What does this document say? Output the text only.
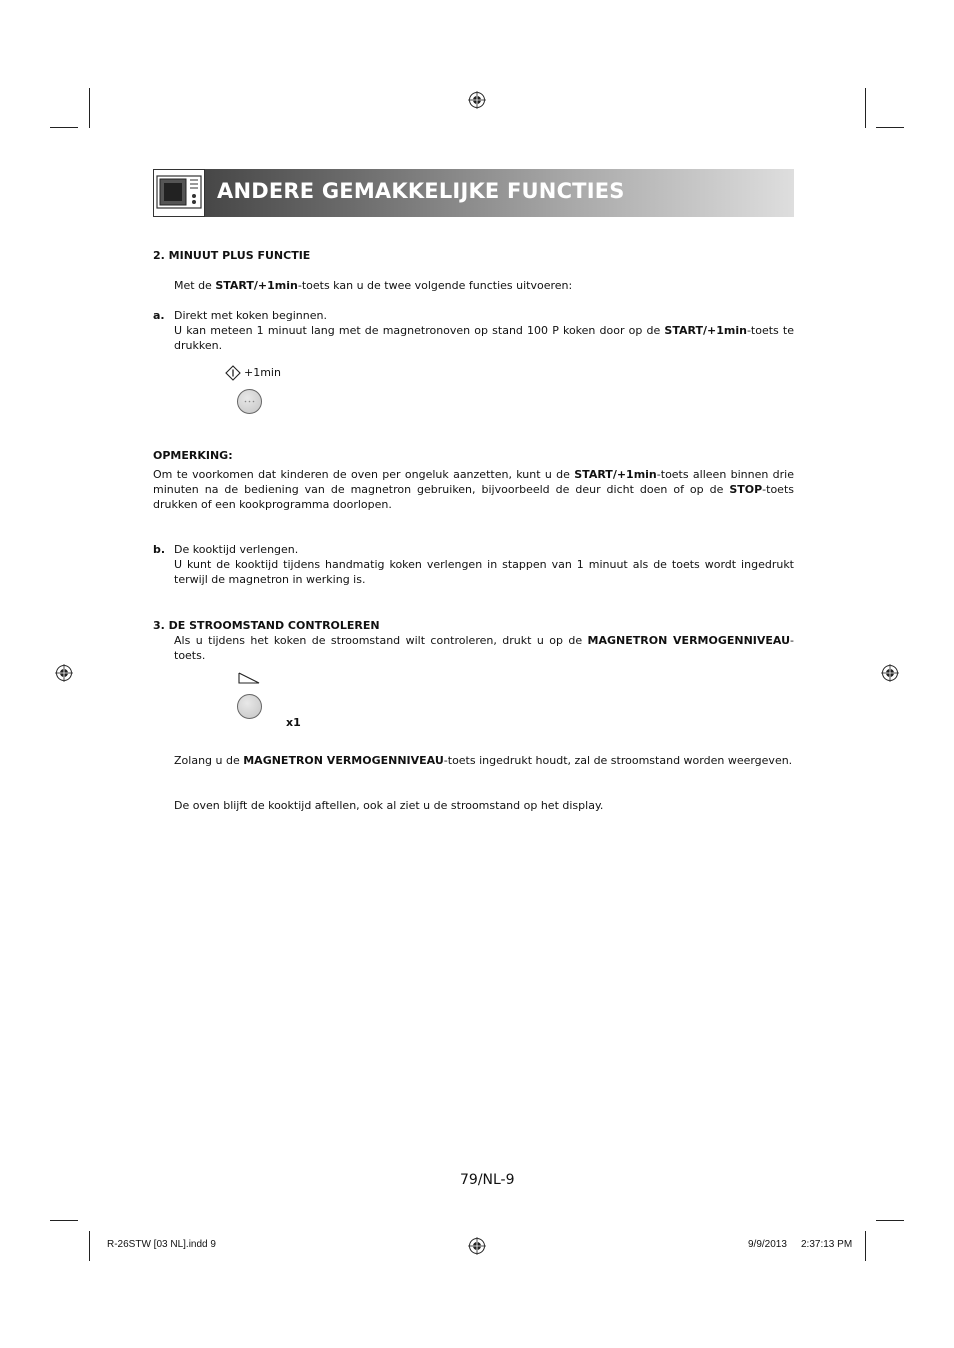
ANDERE GEMAKKELIJKE FUNCTIES
2. MINUUT PLUS FUNCTIE
Met de START/+1min-toets kan u de twee volgende functies uitvoeren:
a. Direkt met koken beginnen.
U kan meteen 1 minuut lang met de magnetronoven op stand 100 P koken door op de START/+1min-toets te drukken.
+1min
OPMERKING:
Om te voorkomen dat kinderen de oven per ongeluk aanzetten, kunt u de START/+1min-toets alleen binnen drie minuten na de bediening van de magnetron gebruiken, bijvoorbeeld de deur dicht doen of op de STOP-toets drukken of een kookprogramma doorlopen.
b. De kooktijd verlengen.
U kunt de kooktijd tijdens handmatig koken verlengen in stappen van 1 minuut als de toets wordt ingedrukt terwijl de magnetron in werking is.
3. DE STROOMSTAND CONTROLEREN
Als u tijdens het koken de stroomstand wilt controleren, drukt u op de MAGNETRON VERMOGENNIVEAU-toets.
x1
Zolang u de MAGNETRON VERMOGENNIVEAU-toets ingedrukt houdt, zal de stroomstand worden weergeven.
De oven blijft de kooktijd aftellen, ook al ziet u de stroomstand op het display.
79/NL-9
R-26STW [03 NL].indd 9	9/9/2013 2:37:13 PM
